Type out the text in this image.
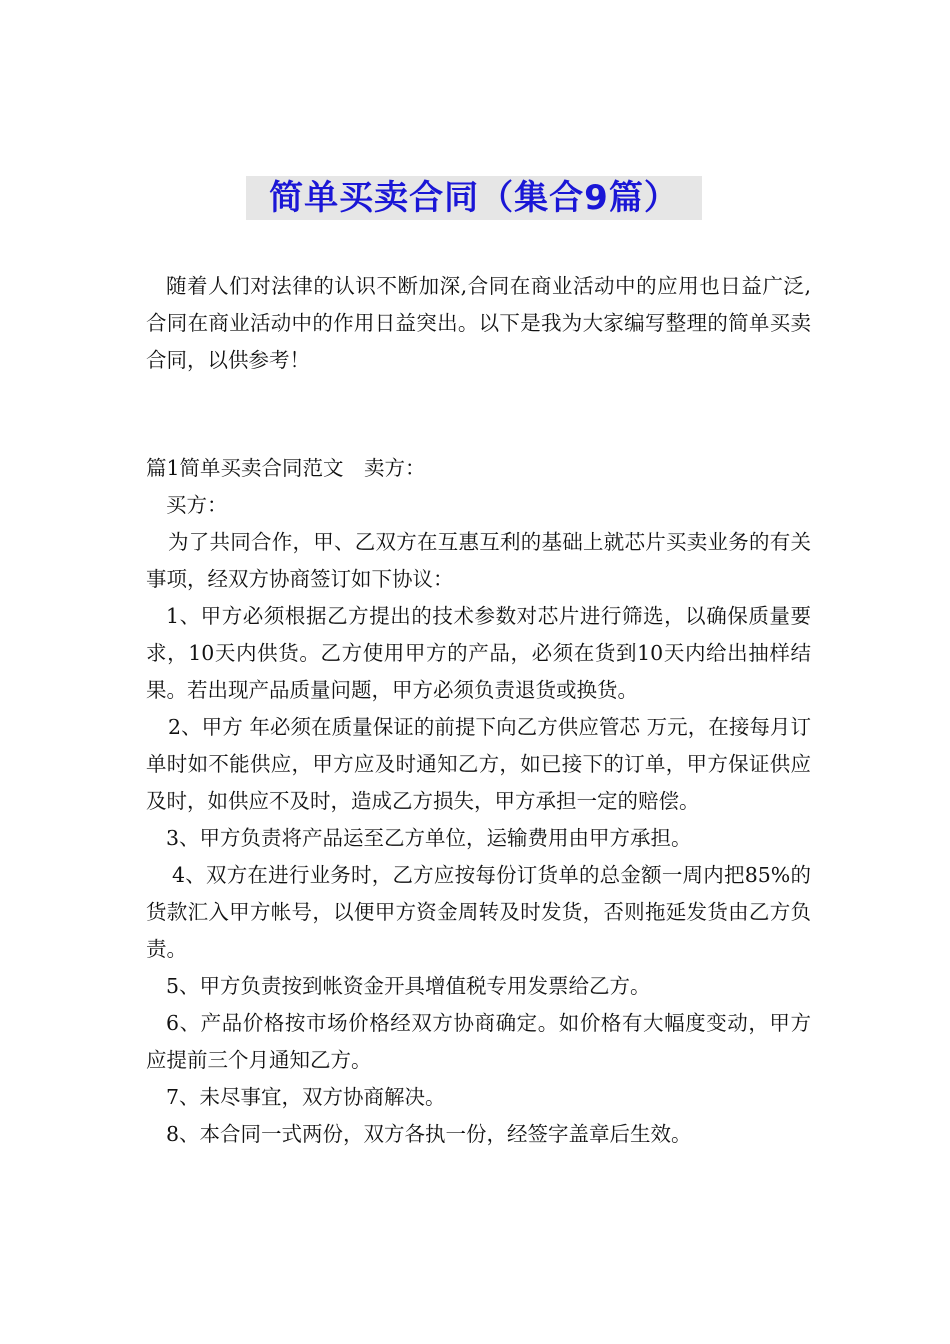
简单买卖合同（集合9篇）

随着人们对法律的认识不断加深,合同在商业活动中的应用也日益广泛,合同在商业活动中的作用日益突出。以下是我为大家编写整理的简单买卖合同，以供参考！

篇1简单买卖合同范文　卖方：

买方：

为了共同合作，甲、乙双方在互惠互利的基础上就芯片买卖业务的有关事项，经双方协商签订如下协议：

1、甲方必须根据乙方提出的技术参数对芯片进行筛选，以确保质量要求，10天内供货。乙方使用甲方的产品，必须在货到10天内给出抽样结果。若出现产品质量问题，甲方必须负责退货或换货。

2、甲方 年必须在质量保证的前提下向乙方供应管芯 万元，在接每月订单时如不能供应，甲方应及时通知乙方，如已接下的订单，甲方保证供应及时，如供应不及时，造成乙方损失，甲方承担一定的赔偿。

3、甲方负责将产品运至乙方单位，运输费用由甲方承担。

4、双方在进行业务时，乙方应按每份订货单的总金额一周内把85%的货款汇入甲方帐号，以便甲方资金周转及时发货，否则拖延发货由乙方负责。

5、甲方负责按到帐资金开具增值税专用发票给乙方。

6、产品价格按市场价格经双方协商确定。如价格有大幅度变动，甲方应提前三个月通知乙方。

7、未尽事宜，双方协商解决。

8、本合同一式两份，双方各执一份，经签字盖章后生效。
